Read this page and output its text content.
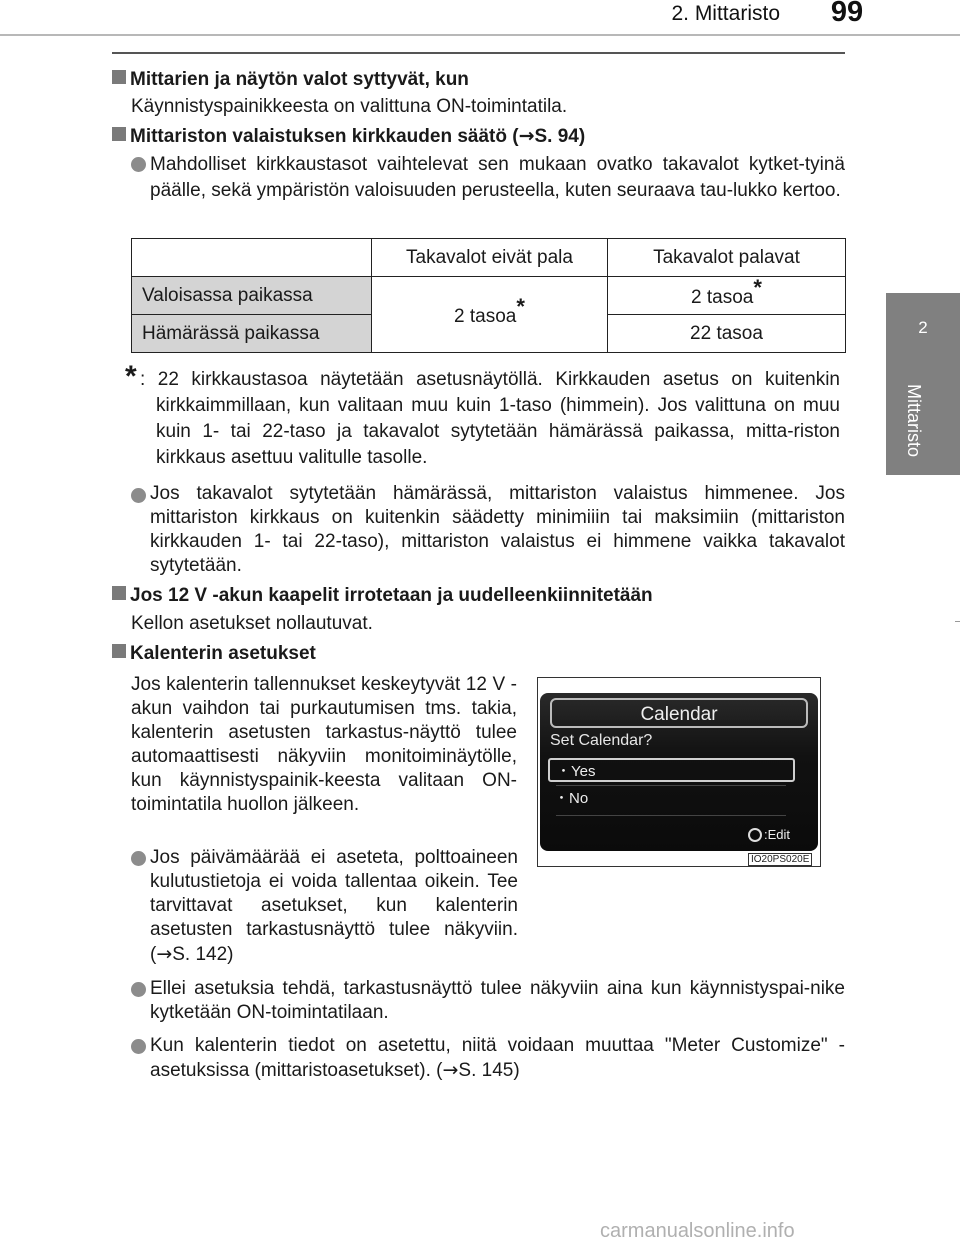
2. Mittaristo	99
2
Mittaristo
Mittarien ja näytön valot syttyvät, kun
Käynnistyspainikkeesta on valittuna ON-toimintatila.
Mittariston valaistuksen kirkkauden säätö (→S. 94)
Mahdolliset kirkkaustasot vaihtelevat sen mukaan ovatko takavalot kytket-tyinä päälle, sekä ympäristön valoisuuden perusteella, kuten seuraava tau-lukko kertoo.
	Takavalot eivät pala	Takavalot palavat
Valoisassa paikassa	2 tasoa*	2 tasoa*
Hämärässä paikassa		22 tasoa
* : 22 kirkkaustasoa näytetään asetusnäytöllä. Kirkkauden asetus on kuitenkin kirkkaimmillaan, kun valitaan muu kuin 1-taso (himmein). Jos valittuna on muu kuin 1- tai 22-taso ja takavalot sytytetään hämärässä paikassa, mitta-riston kirkkaus asettuu valitulle tasolle.
Jos takavalot sytytetään hämärässä, mittariston valaistus himmenee. Jos mittariston kirkkaus on kuitenkin säädetty minimiiin tai maksimiin (mittariston kirkkauden 1- tai 22-taso), mittariston valaistus ei himmene vaikka takavalot sytytetään.
Jos 12 V -akun kaapelit irrotetaan ja uudelleenkiinnitetään
Kellon asetukset nollautuvat.
Kalenterin asetukset
Jos kalenterin tallennukset keskeytyvät 12 V -akun vaihdon tai purkautumisen tms. takia, kalenterin asetusten tarkastus-näyttö tulee automaattisesti näkyviin monitoiminäytölle, kun käynnistyspainik-keesta valitaan ON-toimintatila huollon jälkeen.
Jos päivämäärää ei aseteta, polttoaineen kulutustietoja ei voida tallentaa oikein. Tee tarvittavat asetukset, kun kalenterin asetusten tarkastusnäyttö tulee näkyviin. (→S. 142)
Ellei asetuksia tehdä, tarkastusnäyttö tulee näkyviin aina kun käynnistyspai-nike kytketään ON-toimintatilaan.
Kun kalenterin tiedot on asetettu, niitä voidaan muuttaa "Meter Customize" -asetuksissa (mittaristoasetukset). (→S. 145)
Calendar
Set Calendar?
・Yes
・No
:Edit
IO20PS020E
carmanualsonline.info
